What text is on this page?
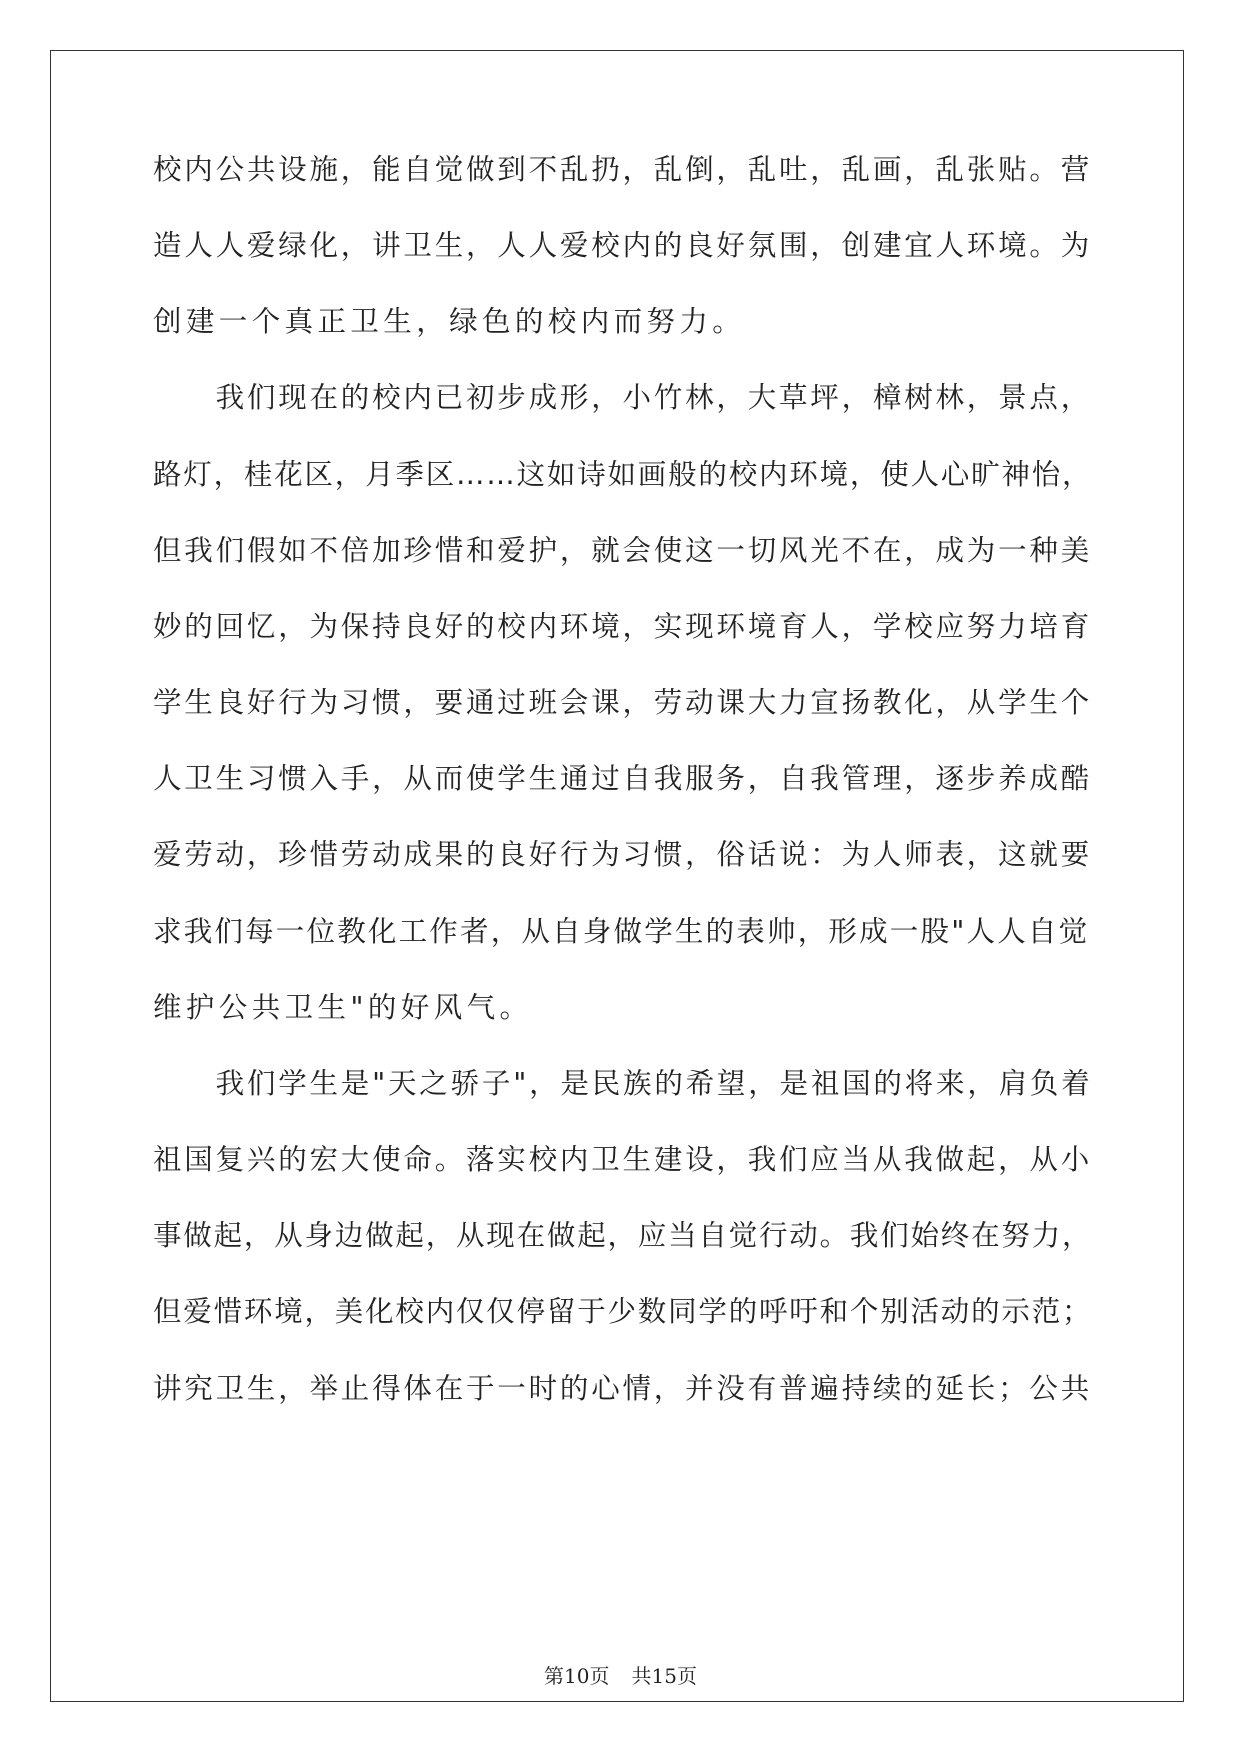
校内公共设施，能自觉做到不乱扔，乱倒，乱吐，乱画，乱张贴。营
造人人爱绿化，讲卫生，人人爱校内的良好氛围，创建宜人环境。为
创建一个真正卫生，绿色的校内而努力。
　　我们现在的校内已初步成形，小竹林，大草坪，樟树林，景点，
路灯，桂花区，月季区……这如诗如画般的校内环境，使人心旷神怡，
但我们假如不倍加珍惜和爱护，就会使这一切风光不在，成为一种美
妙的回忆，为保持良好的校内环境，实现环境育人，学校应努力培育
学生良好行为习惯，要通过班会课，劳动课大力宣扬教化，从学生个
人卫生习惯入手，从而使学生通过自我服务，自我管理，逐步养成酷
爱劳动，珍惜劳动成果的良好行为习惯，俗话说：为人师表，这就要
求我们每一位教化工作者，从自身做学生的表帅，形成一股"人人自觉
维护公共卫生"的好风气。
　　我们学生是"天之骄子"，是民族的希望，是祖国的将来，肩负着
祖国复兴的宏大使命。落实校内卫生建设，我们应当从我做起，从小
事做起，从身边做起，从现在做起，应当自觉行动。我们始终在努力，
但爱惜环境，美化校内仅仅停留于少数同学的呼吁和个别活动的示范；
讲究卫生，举止得体在于一时的心情，并没有普遍持续的延长；公共
第10页 共15页
